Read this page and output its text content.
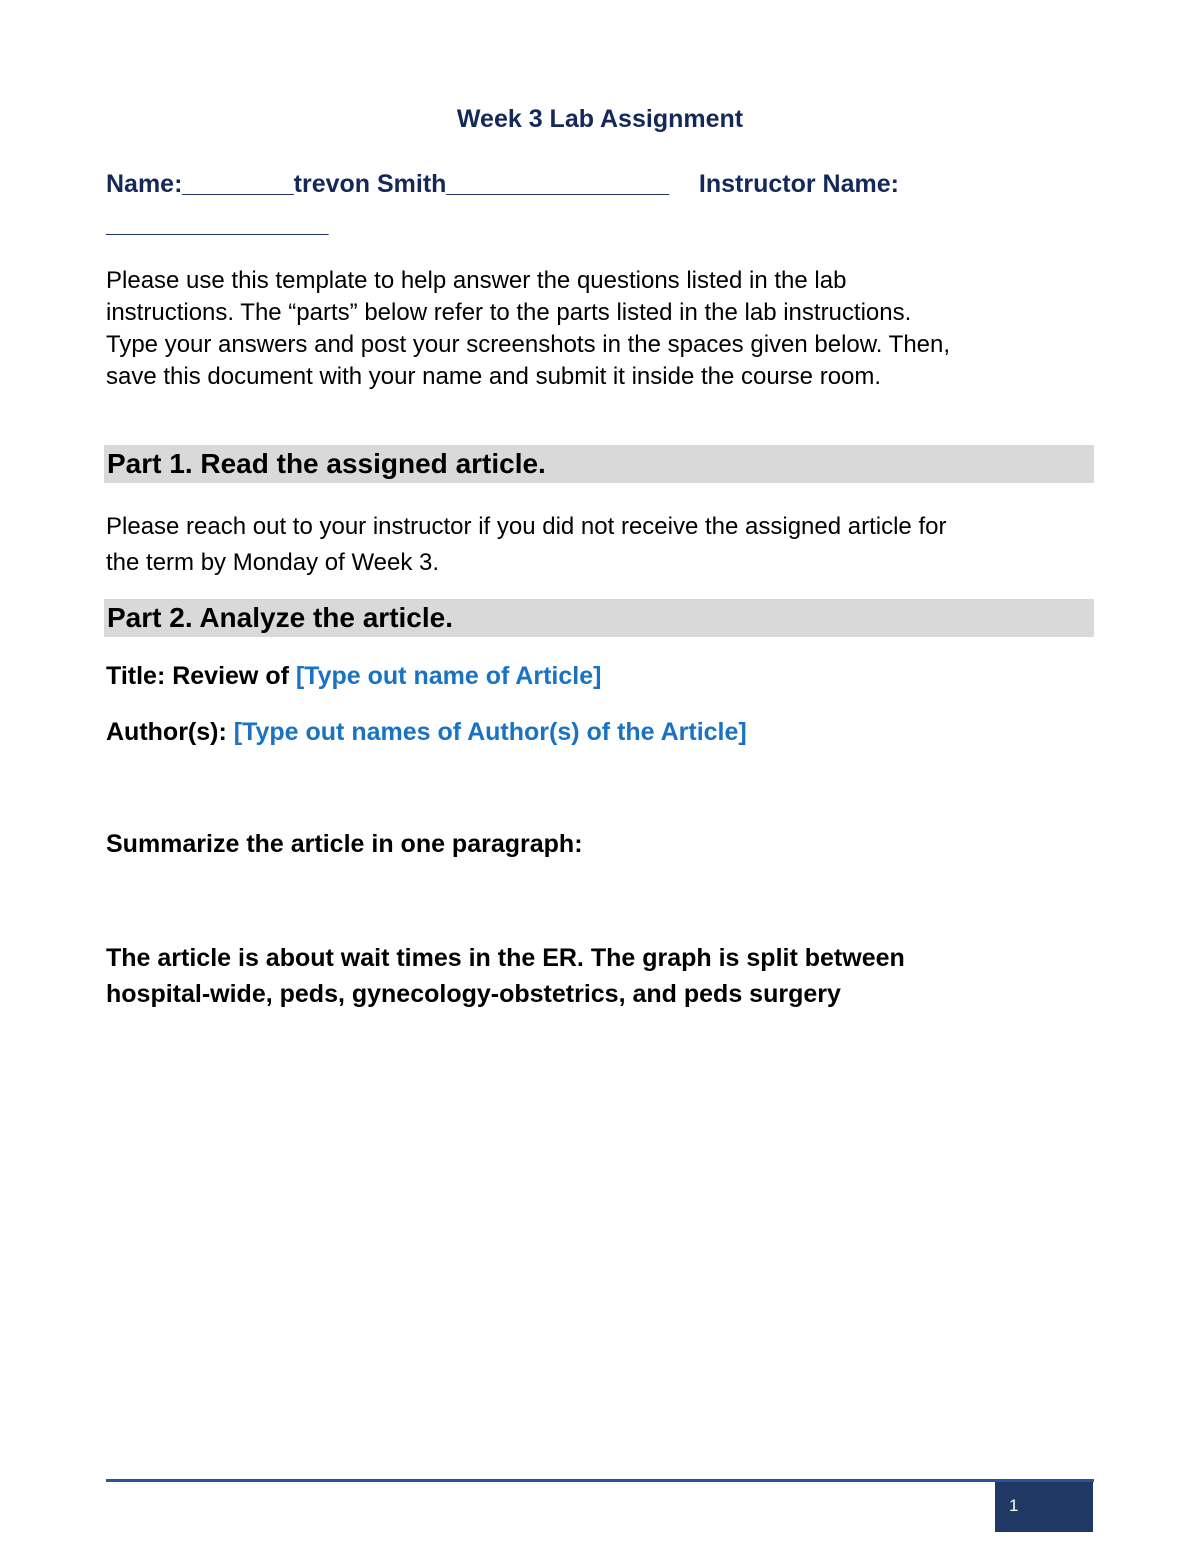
Week 3 Lab Assignment
Name:________trevon Smith________________ Instructor Name:
________________
Please use this template to help answer the questions listed in the lab
instructions. The “parts” below refer to the parts listed in the lab instructions.
Type your answers and post your screenshots in the spaces given below. Then,
save this document with your name and submit it inside the course room.
Part 1. Read the assigned article.
Please reach out to your instructor if you did not receive the assigned article for
the term by Monday of Week 3.
Part 2. Analyze the article.
Title: Review of [Type out name of Article]
Author(s): [Type out names of Author(s) of the Article]
Summarize the article in one paragraph:
The article is about wait times in the ER. The graph is split between
hospital-wide, peds, gynecology-obstetrics, and peds surgery
1
